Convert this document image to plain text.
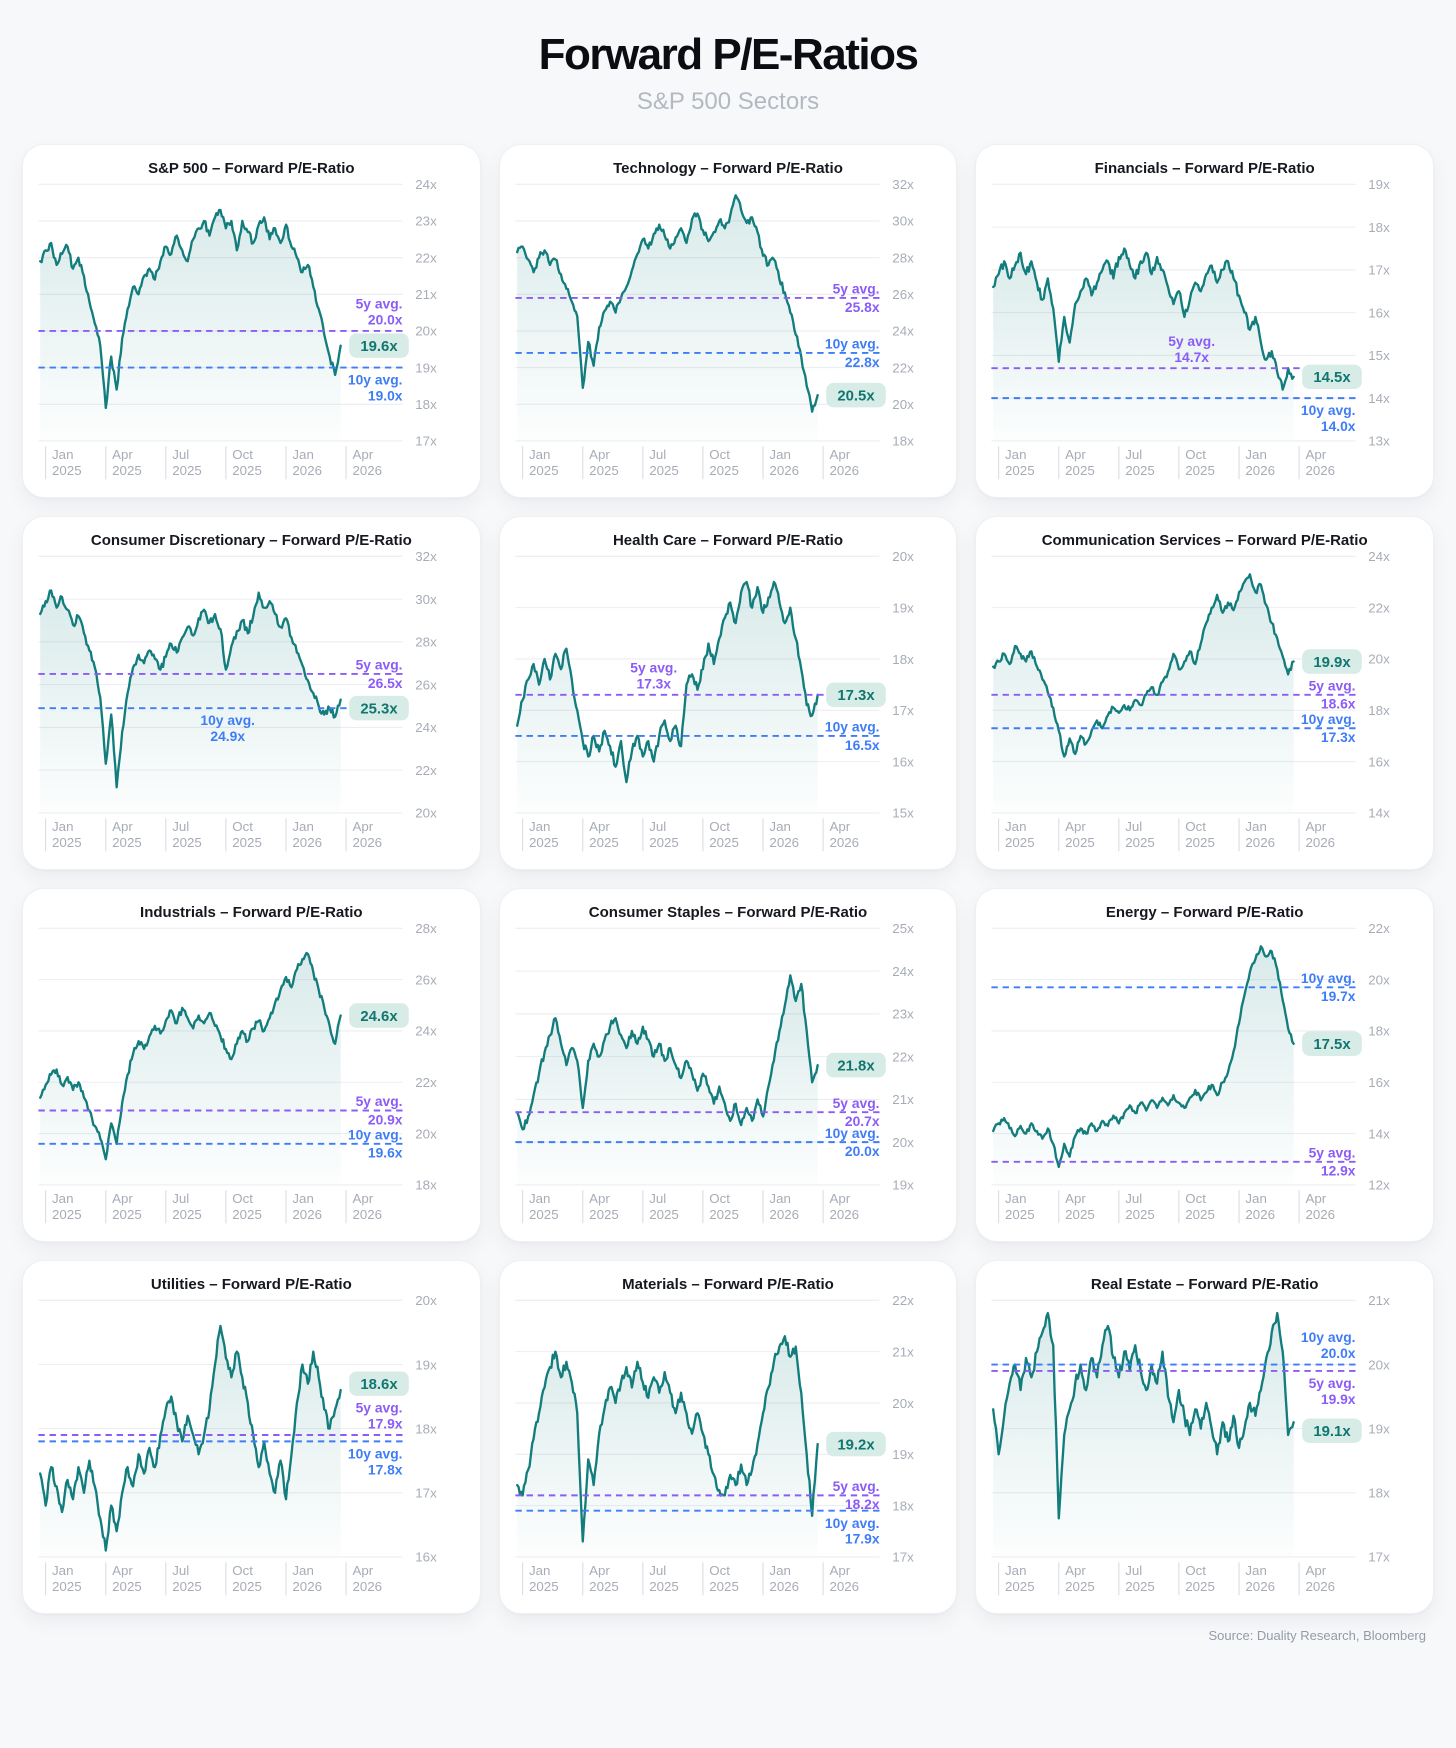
Forward P/E-Ratios
S&P 500 Sectors
S&P 500 – Forward P/E-Ratio
5y avg.
20.0x
10y avg.
19.0x
19.6x
24x
23x
22x
21x
20x
19x
18x
17x
Jan
2025
Apr
2025
Jul
2025
Oct
2025
Jan
2026
Apr
2026
Technology – Forward P/E-Ratio
5y avg.
25.8x
10y avg.
22.8x
20.5x
32x
30x
28x
26x
24x
22x
20x
18x
Jan
2025
Apr
2025
Jul
2025
Oct
2025
Jan
2026
Apr
2026
Financials – Forward P/E-Ratio
5y avg.
14.7x
10y avg.
14.0x
14.5x
19x
18x
17x
16x
15x
14x
13x
Jan
2025
Apr
2025
Jul
2025
Oct
2025
Jan
2026
Apr
2026
Consumer Discretionary – Forward P/E-Ratio
5y avg.
26.5x
10y avg.
24.9x
25.3x
32x
30x
28x
26x
24x
22x
20x
Jan
2025
Apr
2025
Jul
2025
Oct
2025
Jan
2026
Apr
2026
Health Care – Forward P/E-Ratio
5y avg.
17.3x
10y avg.
16.5x
17.3x
20x
19x
18x
17x
16x
15x
Jan
2025
Apr
2025
Jul
2025
Oct
2025
Jan
2026
Apr
2026
Communication Services – Forward P/E-Ratio
5y avg.
18.6x
10y avg.
17.3x
19.9x
24x
22x
20x
18x
16x
14x
Jan
2025
Apr
2025
Jul
2025
Oct
2025
Jan
2026
Apr
2026
Industrials – Forward P/E-Ratio
5y avg.
20.9x
10y avg.
19.6x
24.6x
28x
26x
24x
22x
20x
18x
Jan
2025
Apr
2025
Jul
2025
Oct
2025
Jan
2026
Apr
2026
Consumer Staples – Forward P/E-Ratio
5y avg.
20.7x
10y avg.
20.0x
21.8x
25x
24x
23x
22x
21x
20x
19x
Jan
2025
Apr
2025
Jul
2025
Oct
2025
Jan
2026
Apr
2026
Energy – Forward P/E-Ratio
5y avg.
12.9x
10y avg.
19.7x
17.5x
22x
20x
18x
16x
14x
12x
Jan
2025
Apr
2025
Jul
2025
Oct
2025
Jan
2026
Apr
2026
Utilities – Forward P/E-Ratio
5y avg.
17.9x
10y avg.
17.8x
18.6x
20x
19x
18x
17x
16x
Jan
2025
Apr
2025
Jul
2025
Oct
2025
Jan
2026
Apr
2026
Materials – Forward P/E-Ratio
5y avg.
18.2x
10y avg.
17.9x
19.2x
22x
21x
20x
19x
18x
17x
Jan
2025
Apr
2025
Jul
2025
Oct
2025
Jan
2026
Apr
2026
Real Estate – Forward P/E-Ratio
5y avg.
19.9x
10y avg.
20.0x
19.1x
21x
20x
19x
18x
17x
Jan
2025
Apr
2025
Jul
2025
Oct
2025
Jan
2026
Apr
2026
Source: Duality Research, Bloomberg
